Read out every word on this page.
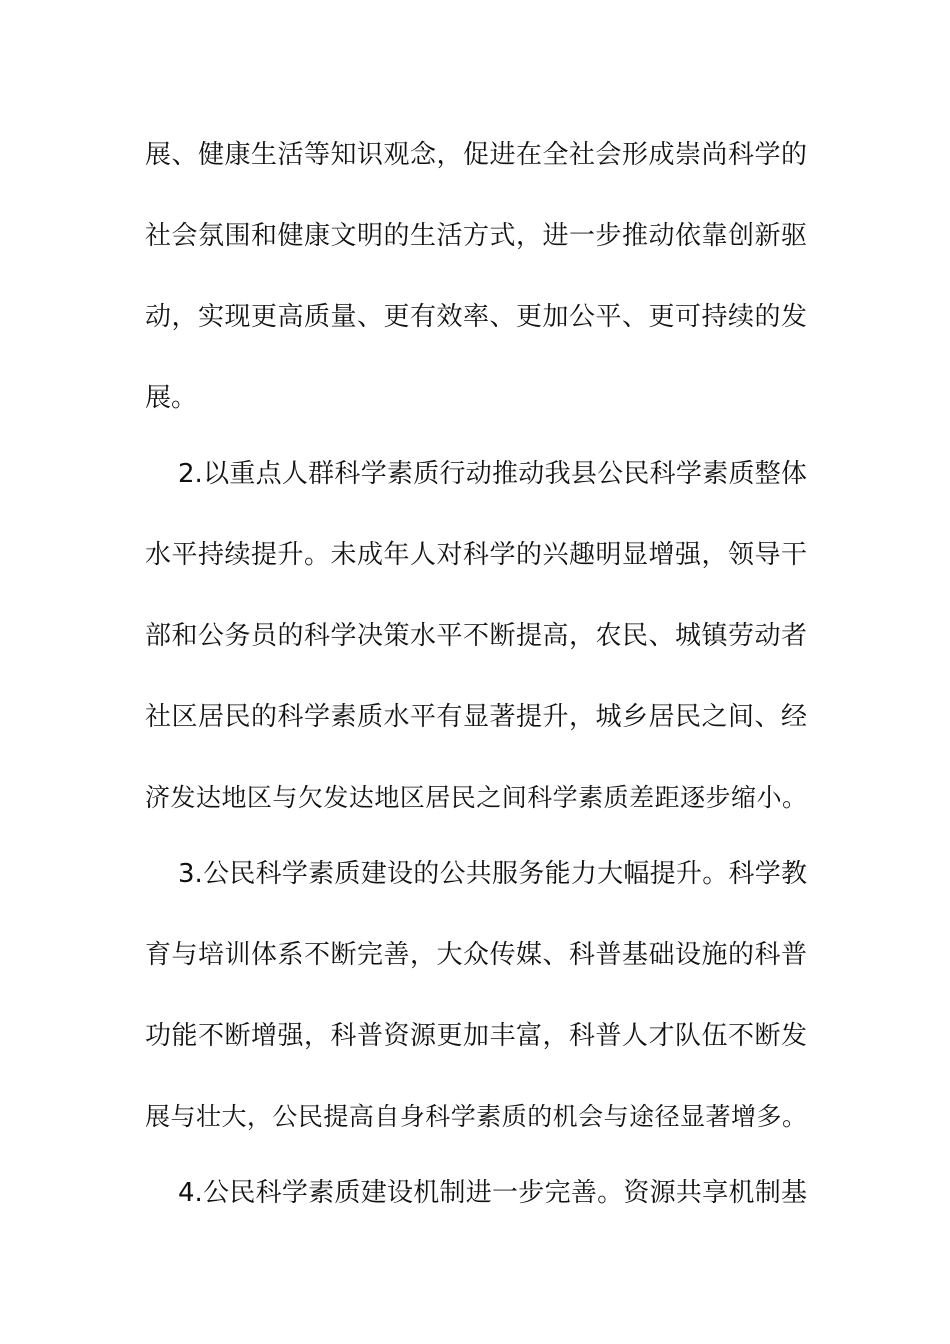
展、健康生活等知识观念，促进在全社会形成崇尚科学的
社会氛围和健康文明的生活方式，进一步推动依靠创新驱
动，实现更高质量、更有效率、更加公平、更可持续的发
展。
2.以重点人群科学素质行动推动我县公民科学素质整体
水平持续提升。未成年人对科学的兴趣明显增强，领导干
部和公务员的科学决策水平不断提高，农民、城镇劳动者
社区居民的科学素质水平有显著提升，城乡居民之间、经
济发达地区与欠发达地区居民之间科学素质差距逐步缩小。
3.公民科学素质建设的公共服务能力大幅提升。科学教
育与培训体系不断完善，大众传媒、科普基础设施的科普
功能不断增强，科普资源更加丰富，科普人才队伍不断发
展与壮大，公民提高自身科学素质的机会与途径显著增多。
4.公民科学素质建设机制进一步完善。资源共享机制基
